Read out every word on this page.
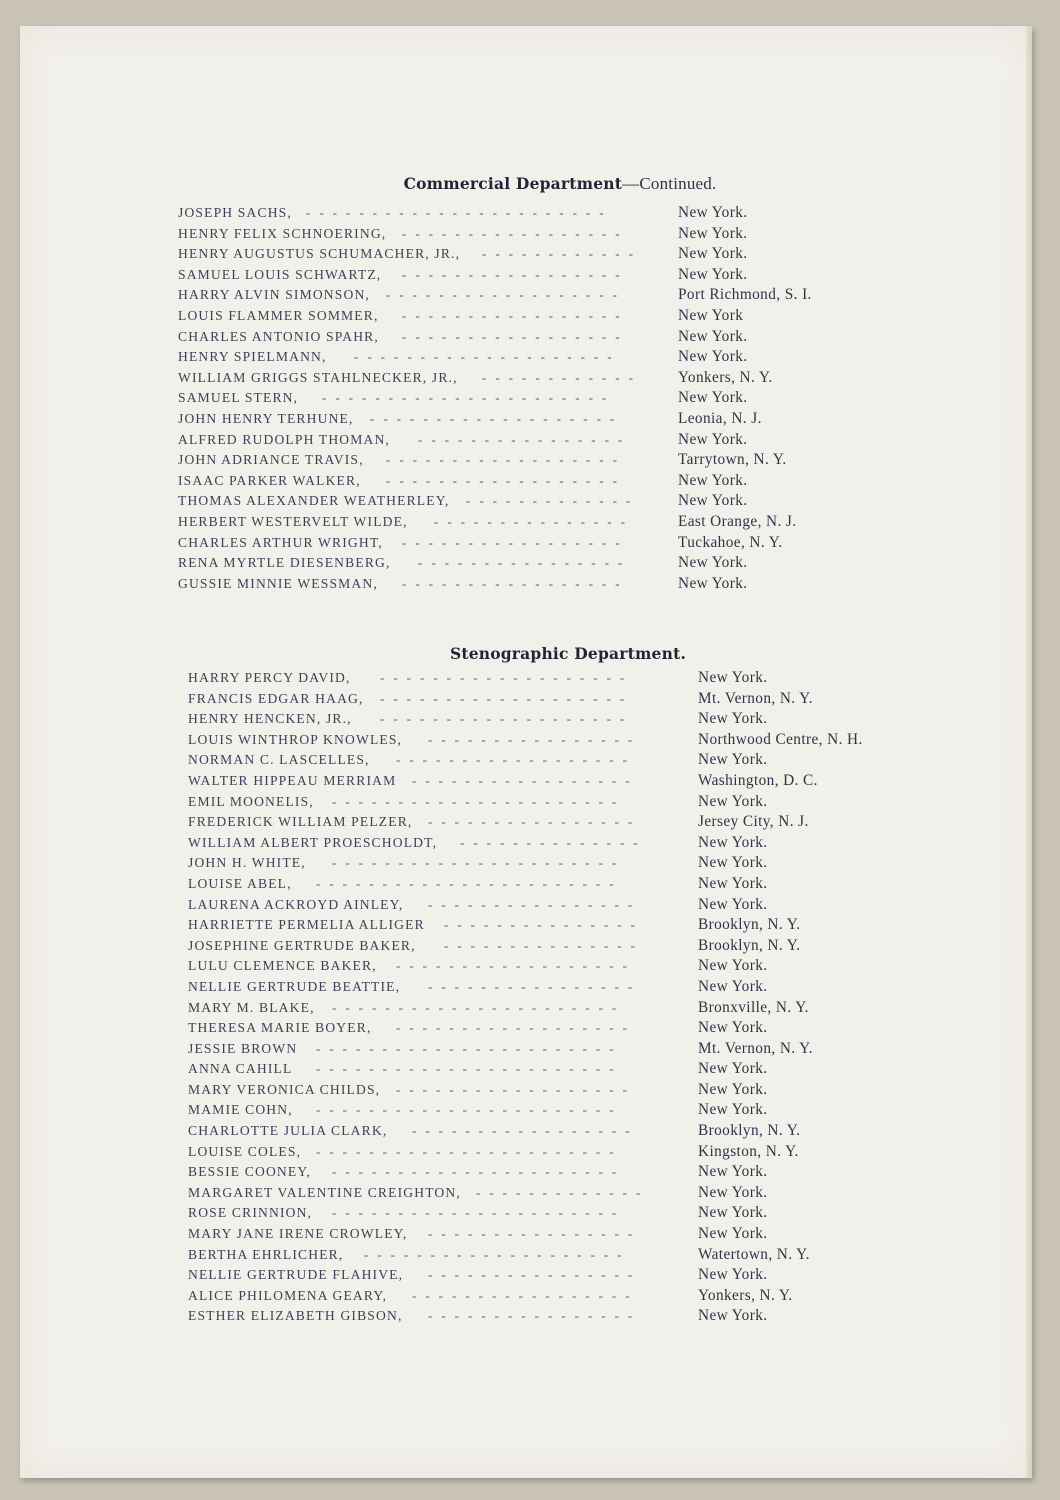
Commercial Department—Continued.
JOSEPH SACHS, -----------------------	New York.
HENRY FELIX SCHNOERING, -----------------	New York.
HENRY AUGUSTUS SCHUMACHER, JR., ------------ New York.
SAMUEL LOUIS SCHWARTZ, -----------------	New York.
HARRY ALVIN SIMONSON, ------------------	Port Richmond, S. I.
LOUIS FLAMMER SOMMER, -----------------	New York
CHARLES ANTONIO SPAHR, -----------------	New York.
HENRY SPIELMANN, --------------------	New York.
WILLIAM GRIGGS STAHLNECKER, JR., ------------ Yonkers, N. Y.
SAMUEL STERN, ----------------------	New York.
JOHN HENRY TERHUNE, -------------------	Leonia, N. J.
ALFRED RUDOLPH THOMAN, ----------------	New York.
JOHN ADRIANCE TRAVIS, ------------------	Tarrytown, N. Y.
ISAAC PARKER WALKER, ------------------	New York.
THOMAS ALEXANDER WEATHERLEY, -------------	New York.
HERBERT WESTERVELT WILDE, ---------------	East Orange, N. J.
CHARLES ARTHUR WRIGHT, -----------------	Tuckahoe, N. Y.
RENA MYRTLE DIESENBERG, ----------------	New York.
GUSSIE MINNIE WESSMAN, -----------------	New York.
Stenographic Department.
HARRY PERCY DAVID, -------------------	New York.
FRANCIS EDGAR HAAG, -------------------	Mt. Vernon, N. Y.
HENRY HENCKEN, JR., -------------------	New York.
LOUIS WINTHROP KNOWLES, ----------------	Northwood Centre, N. H.
NORMAN C. LASCELLES, ------------------	New York.
WALTER HIPPEAU MERRIAM -----------------	Washington, D. C.
EMIL MOONELIS, ----------------------	New York.
FREDERICK WILLIAM PELZER, ----------------	Jersey City, N. J.
WILLIAM ALBERT PROESCHOLDT, --------------	New York.
JOHN H. WHITE, ----------------------	New York.
LOUISE ABEL, -----------------------	New York.
LAURENA ACKROYD AINLEY, ----------------	New York.
HARRIETTE PERMELIA ALLIGER ---------------	Brooklyn, N. Y.
JOSEPHINE GERTRUDE BAKER, ---------------	Brooklyn, N. Y.
LULU CLEMENCE BAKER, ------------------	New York.
NELLIE GERTRUDE BEATTIE, ----------------	New York.
MARY M. BLAKE, ----------------------	Bronxville, N. Y.
THERESA MARIE BOYER, ------------------	New York.
JESSIE BROWN -----------------------	Mt. Vernon, N. Y.
ANNA CAHILL -----------------------	New York.
MARY VERONICA CHILDS, ------------------	New York.
MAMIE COHN, -----------------------	New York.
CHARLOTTE JULIA CLARK, -----------------	Brooklyn, N. Y.
LOUISE COLES, -----------------------	Kingston, N. Y.
BESSIE COONEY, ----------------------	New York.
MARGARET VALENTINE CREIGHTON, -------------	New York.
ROSE CRINNION, ----------------------	New York.
MARY JANE IRENE CROWLEY, ----------------	New York.
BERTHA EHRLICHER, --------------------	Watertown, N. Y.
NELLIE GERTRUDE FLAHIVE, ----------------	New York.
ALICE PHILOMENA GEARY, -----------------	Yonkers, N. Y.
ESTHER ELIZABETH GIBSON, ----------------	New York.
